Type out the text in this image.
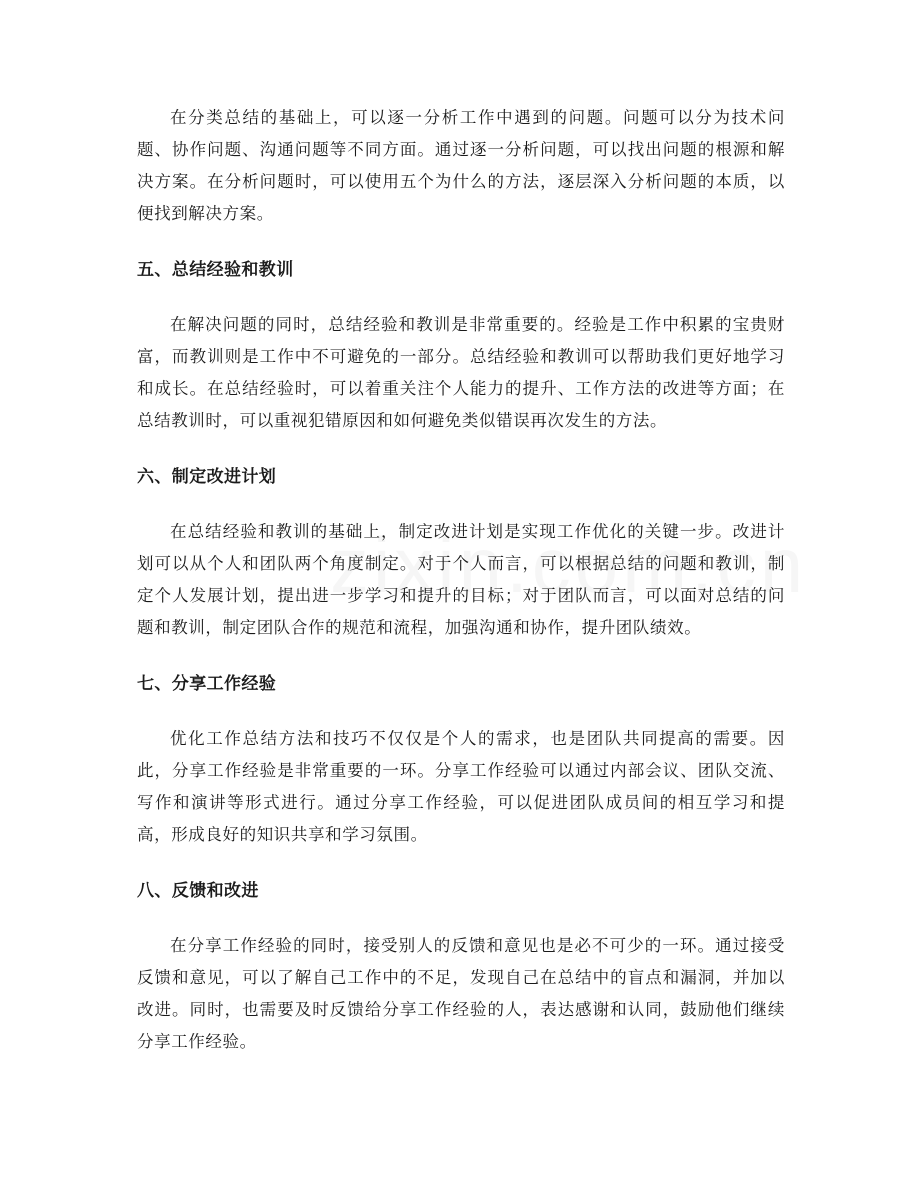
在分类总结的基础上，可以逐一分析工作中遇到的问题。问题可以分为技术问题、协作问题、沟通问题等不同方面。通过逐一分析问题，可以找出问题的根源和解决方案。在分析问题时，可以使用五个为什么的方法，逐层深入分析问题的本质，以便找到解决方案。

五、总结经验和教训

在解决问题的同时，总结经验和教训是非常重要的。经验是工作中积累的宝贵财富，而教训则是工作中不可避免的一部分。总结经验和教训可以帮助我们更好地学习和成长。在总结经验时，可以着重关注个人能力的提升、工作方法的改进等方面；在总结教训时，可以重视犯错原因和如何避免类似错误再次发生的方法。

六、制定改进计划

在总结经验和教训的基础上，制定改进计划是实现工作优化的关键一步。改进计划可以从个人和团队两个角度制定。对于个人而言，可以根据总结的问题和教训，制定个人发展计划，提出进一步学习和提升的目标；对于团队而言，可以面对总结的问题和教训，制定团队合作的规范和流程，加强沟通和协作，提升团队绩效。

七、分享工作经验

优化工作总结方法和技巧不仅仅是个人的需求，也是团队共同提高的需要。因此，分享工作经验是非常重要的一环。分享工作经验可以通过内部会议、团队交流、写作和演讲等形式进行。通过分享工作经验，可以促进团队成员间的相互学习和提高，形成良好的知识共享和学习氛围。

八、反馈和改进

在分享工作经验的同时，接受别人的反馈和意见也是必不可少的一环。通过接受反馈和意见，可以了解自己工作中的不足，发现自己在总结中的盲点和漏洞，并加以改进。同时，也需要及时反馈给分享工作经验的人，表达感谢和认同，鼓励他们继续分享工作经验。
